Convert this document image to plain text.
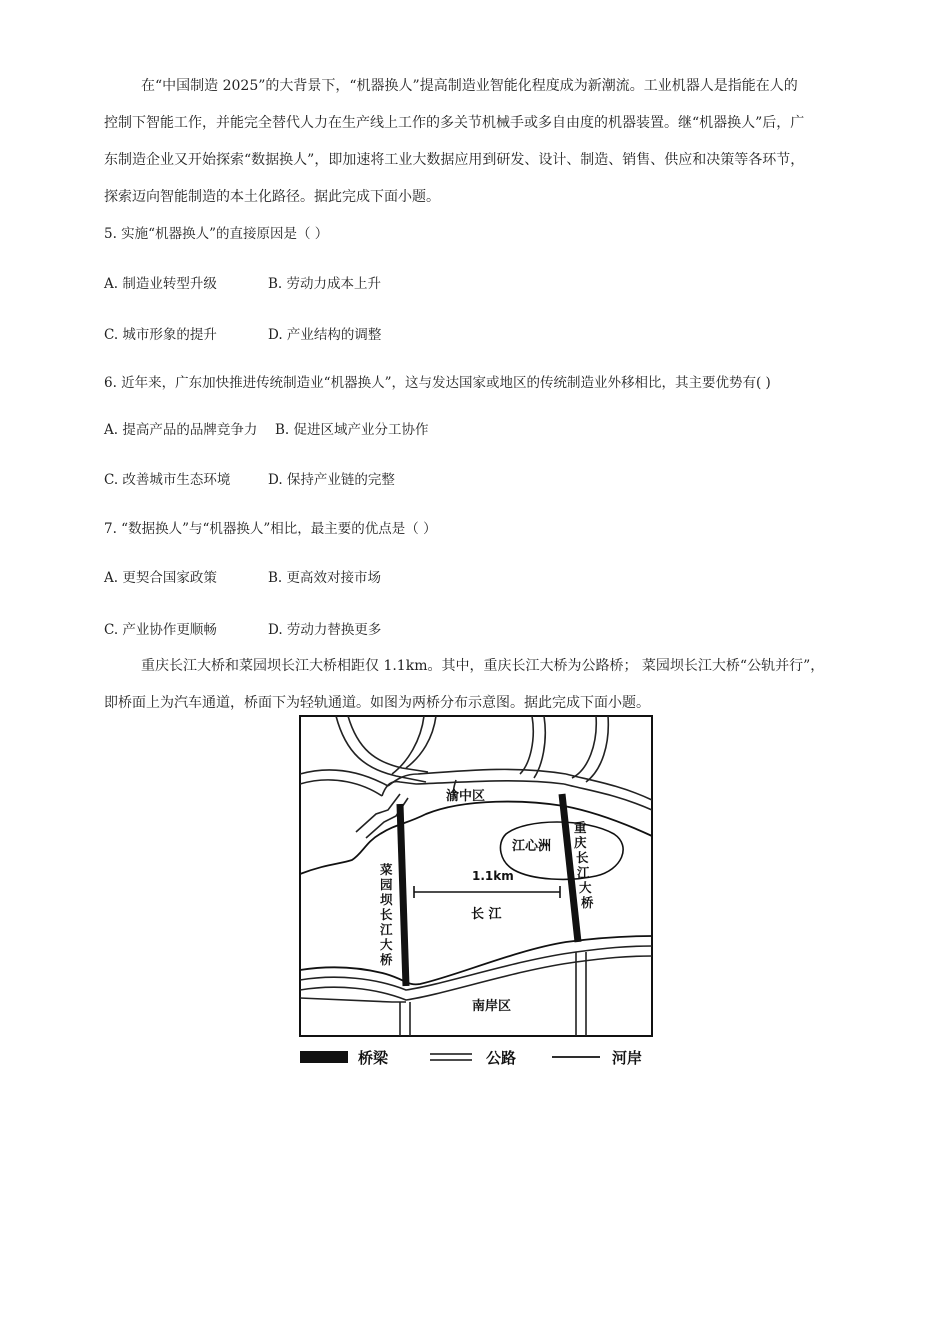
在“中国制造 2025”的大背景下，“机器换人”提高制造业智能化程度成为新潮流。工业机器人是指能在人的
控制下智能工作，并能完全替代人力在生产线上工作的多关节机械手或多自由度的机器装置。继“机器换人”后，广
东制造企业又开始探索“数据换人”，即加速将工业大数据应用到研发、设计、制造、销售、供应和决策等各环节，
探索迈向智能制造的本土化路径。据此完成下面小题。
5. 实施“机器换人”的直接原因是（ ）
A. 制造业转型升级	B. 劳动力成本上升
C. 城市形象的提升	D. 产业结构的调整
6. 近年来，广东加快推进传统制造业“机器换人”，这与发达国家或地区的传统制造业外移相比，其主要优势有( )
A. 提高产品的品牌竞争力 B. 促进区域产业分工协作
C. 改善城市生态环境	D. 保持产业链的完整
7. “数据换人”与“机器换人”相比，最主要的优点是（ ）
A. 更契合国家政策	B. 更高效对接市场
C. 产业协作更顺畅	D. 劳动力替换更多
重庆长江大桥和菜园坝长江大桥相距仅 1.1km。其中，重庆长江大桥为公路桥； 菜园坝长江大桥“公轨并行”，
即桥面上为汽车通道，桥面下为轻轨通道。如图为两桥分布示意图。据此完成下面小题。
渝中区
江心洲
1.1km
长 江
南岸区
菜
园
坝
长
江
大
桥
重
庆
长
江
大
桥
桥梁	公路	河岸
